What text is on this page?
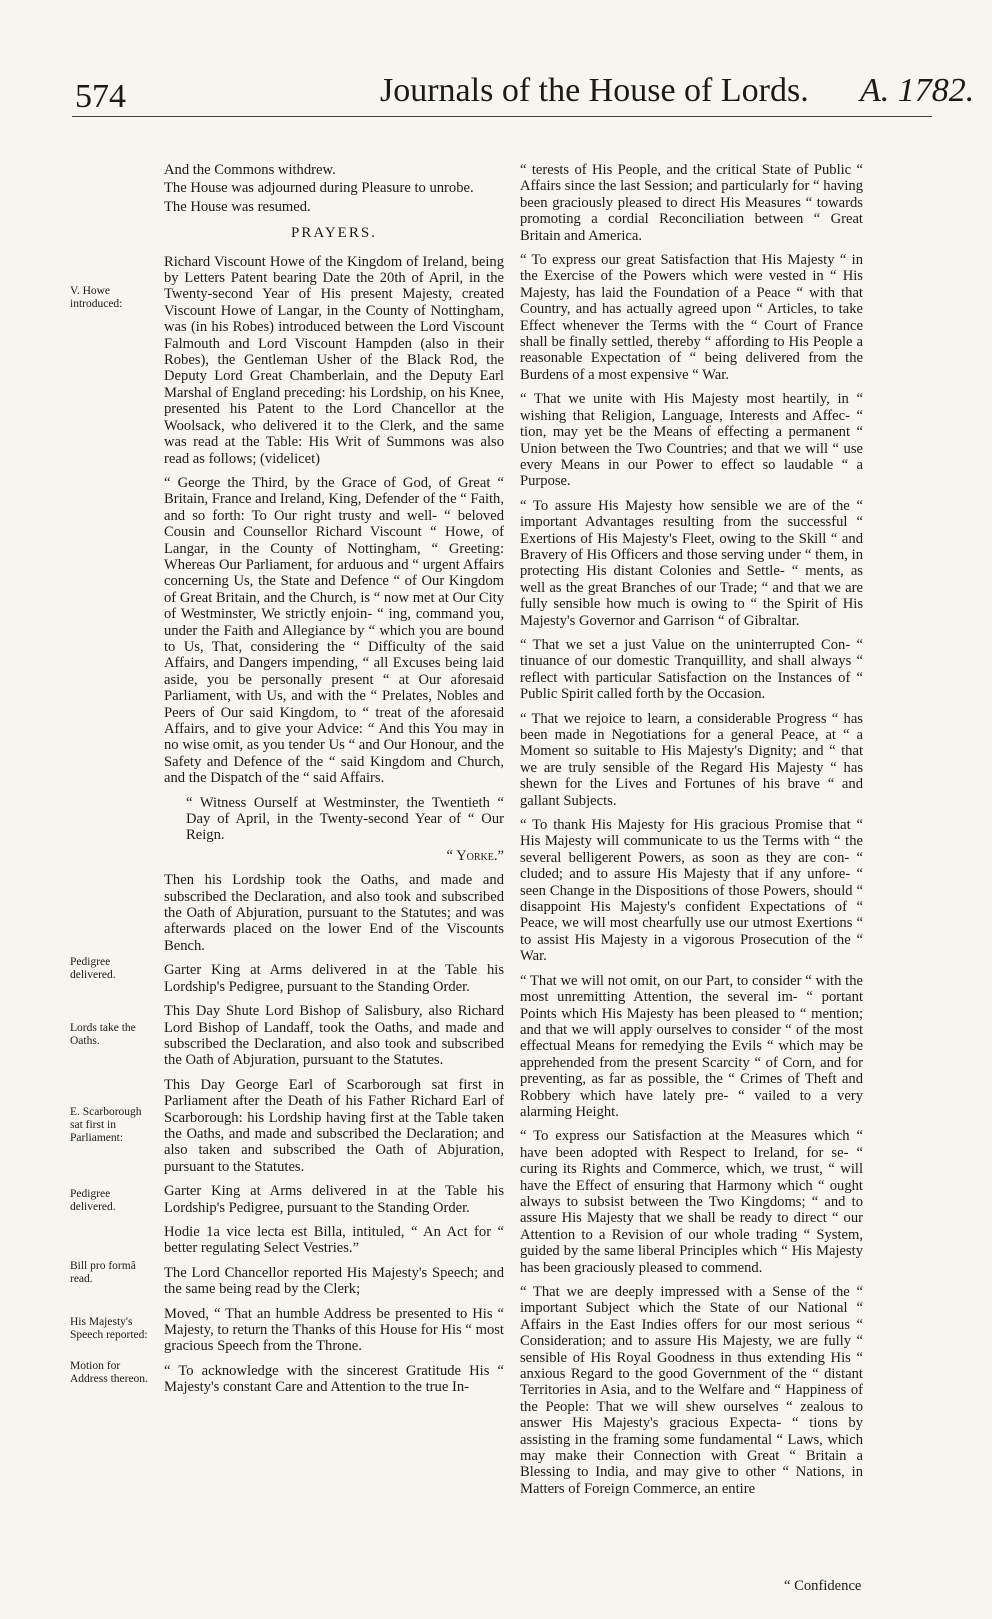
574	Journals of the House of Lords. A. 1782.
V. Howe introduced:
Pedigree delivered.
Lords take the Oaths.
E. Scarborough sat first in Parliament:
Pedigree delivered.
Bill pro formâ read.
His Majesty's Speech reported:
Motion for Address thereon.

And the Commons withdrew.

The House was adjourned during Pleasure to unrobe.

The House was resumed.

PRAYERS.

Richard Viscount Howe of the Kingdom of Ireland, being by Letters Patent bearing Date the 20th of April, in the Twenty-second Year of His present Majesty, created Viscount Howe of Langar, in the County of Nottingham, was (in his Robes) introduced between the Lord Viscount Falmouth and Lord Viscount Hampden (also in their Robes), the Gentleman Usher of the Black Rod, the Deputy Lord Great Chamberlain, and the Deputy Earl Marshal of England preceding: his Lordship, on his Knee, presented his Patent to the Lord Chancellor at the Woolsack, who delivered it to the Clerk, and the same was read at the Table: His Writ of Summons was also read as follows; (videlicet)

“ George the Third, by the Grace of God, of Great “ Britain, France and Ireland, King, Defender of the “ Faith, and so forth: To Our right trusty and well- “ beloved Cousin and Counsellor Richard Viscount “ Howe, of Langar, in the County of Nottingham, “ Greeting: Whereas Our Parliament, for arduous and “ urgent Affairs concerning Us, the State and Defence “ of Our Kingdom of Great Britain, and the Church, is “ now met at Our City of Westminster, We strictly enjoin- “ ing, command you, under the Faith and Allegiance by “ which you are bound to Us, That, considering the “ Difficulty of the said Affairs, and Dangers impending, “ all Excuses being laid aside, you be personally present “ at Our aforesaid Parliament, with Us, and with the “ Prelates, Nobles and Peers of Our said Kingdom, to “ treat of the aforesaid Affairs, and to give your Advice: “ And this You may in no wise omit, as you tender Us “ and Our Honour, and the Safety and Defence of the “ said Kingdom and Church, and the Dispatch of the “ said Affairs.

“ Witness Ourself at Westminster, the Twentieth “ Day of April, in the Twenty-second Year of “ Our Reign.

“ Yorke.”

Then his Lordship took the Oaths, and made and subscribed the Declaration, and also took and subscribed the Oath of Abjuration, pursuant to the Statutes; and was afterwards placed on the lower End of the Viscounts Bench.

Garter King at Arms delivered in at the Table his Lordship's Pedigree, pursuant to the Standing Order.

This Day Shute Lord Bishop of Salisbury, also Richard Lord Bishop of Landaff, took the Oaths, and made and subscribed the Declaration, and also took and subscribed the Oath of Abjuration, pursuant to the Statutes.

This Day George Earl of Scarborough sat first in Parliament after the Death of his Father Richard Earl of Scarborough: his Lordship having first at the Table taken the Oaths, and made and subscribed the Declaration; and also taken and subscribed the Oath of Abjuration, pursuant to the Statutes.

Garter King at Arms delivered in at the Table his Lordship's Pedigree, pursuant to the Standing Order.

Hodie 1a vice lecta est Billa, intituled, “ An Act for “ better regulating Select Vestries.”

The Lord Chancellor reported His Majesty's Speech; and the same being read by the Clerk;

Moved, “ That an humble Address be presented to His “ Majesty, to return the Thanks of this House for His “ most gracious Speech from the Throne.

“ To acknowledge with the sincerest Gratitude His “ Majesty's constant Care and Attention to the true In-

“ terests of His People, and the critical State of Public “ Affairs since the last Session; and particularly for “ having been graciously pleased to direct His Measures “ towards promoting a cordial Reconciliation between “ Great Britain and America.

“ To express our great Satisfaction that His Majesty “ in the Exercise of the Powers which were vested in “ His Majesty, has laid the Foundation of a Peace “ with that Country, and has actually agreed upon “ Articles, to take Effect whenever the Terms with the “ Court of France shall be finally settled, thereby “ affording to His People a reasonable Expectation of “ being delivered from the Burdens of a most expensive “ War.

“ That we unite with His Majesty most heartily, in “ wishing that Religion, Language, Interests and Affec- “ tion, may yet be the Means of effecting a permanent “ Union between the Two Countries; and that we will “ use every Means in our Power to effect so laudable “ a Purpose.

“ To assure His Majesty how sensible we are of the “ important Advantages resulting from the successful “ Exertions of His Majesty's Fleet, owing to the Skill “ and Bravery of His Officers and those serving under “ them, in protecting His distant Colonies and Settle- “ ments, as well as the great Branches of our Trade; “ and that we are fully sensible how much is owing to “ the Spirit of His Majesty's Governor and Garrison “ of Gibraltar.

“ That we set a just Value on the uninterrupted Con- “ tinuance of our domestic Tranquillity, and shall always “ reflect with particular Satisfaction on the Instances of “ Public Spirit called forth by the Occasion.

“ That we rejoice to learn, a considerable Progress “ has been made in Negotiations for a general Peace, at “ a Moment so suitable to His Majesty's Dignity; and “ that we are truly sensible of the Regard His Majesty “ has shewn for the Lives and Fortunes of his brave “ and gallant Subjects.

“ To thank His Majesty for His gracious Promise that “ His Majesty will communicate to us the Terms with “ the several belligerent Powers, as soon as they are con- “ cluded; and to assure His Majesty that if any unfore- “ seen Change in the Dispositions of those Powers, should “ disappoint His Majesty's confident Expectations of “ Peace, we will most chearfully use our utmost Exertions “ to assist His Majesty in a vigorous Prosecution of the “ War.

“ That we will not omit, on our Part, to consider “ with the most unremitting Attention, the several im- “ portant Points which His Majesty has been pleased to “ mention; and that we will apply ourselves to consider “ of the most effectual Means for remedying the Evils “ which may be apprehended from the present Scarcity “ of Corn, and for preventing, as far as possible, the “ Crimes of Theft and Robbery which have lately pre- “ vailed to a very alarming Height.

“ To express our Satisfaction at the Measures which “ have been adopted with Respect to Ireland, for se- “ curing its Rights and Commerce, which, we trust, “ will have the Effect of ensuring that Harmony which “ ought always to subsist between the Two Kingdoms; “ and to assure His Majesty that we shall be ready to direct “ our Attention to a Revision of our whole trading “ System, guided by the same liberal Principles which “ His Majesty has been graciously pleased to commend.

“ That we are deeply impressed with a Sense of the “ important Subject which the State of our National “ Affairs in the East Indies offers for our most serious “ Consideration; and to assure His Majesty, we are fully “ sensible of His Royal Goodness in thus extending His “ anxious Regard to the good Government of the “ distant Territories in Asia, and to the Welfare and “ Happiness of the People: That we will shew ourselves “ zealous to answer His Majesty's gracious Expecta- “ tions by assisting in the framing some fundamental “ Laws, which may make their Connection with Great “ Britain a Blessing to India, and may give to other “ Nations, in Matters of Foreign Commerce, an entire

“ Confidence
